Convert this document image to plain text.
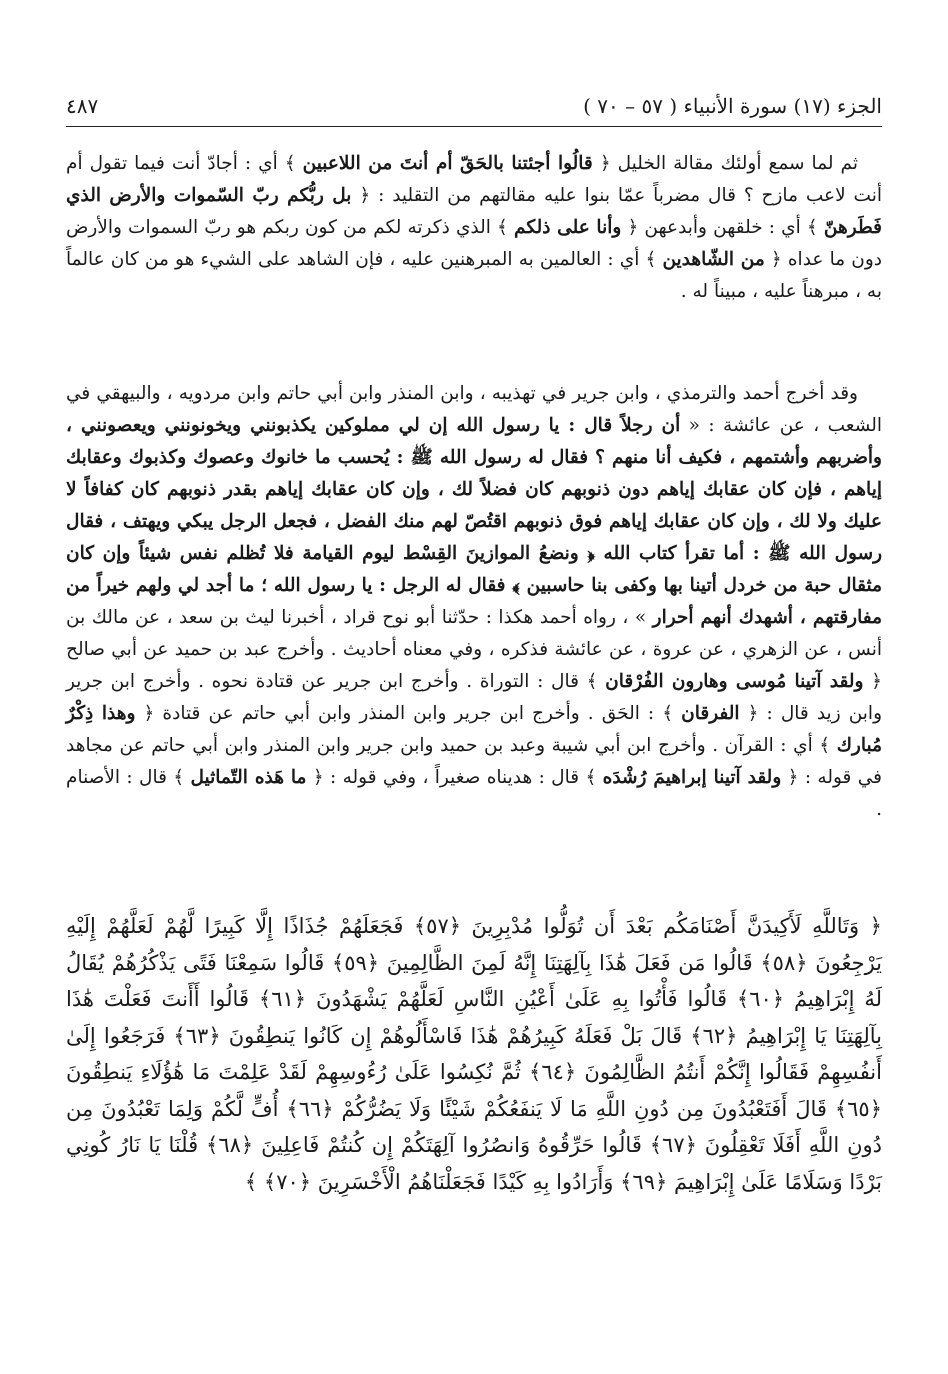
الجزء (١٧) سورة الأنبياء ( ٥٧ – ٧٠ )
٤٨٧
ثم لما سمع أولئك مقالة الخليل ﴿ قالُوا أجئتنا بالحَقّ أم أنتَ من اللاعبين ﴾ أي : أجادّ أنت فيما تقول أم أنت لاعب مازح ؟ قال مضرباً عمّا بنوا عليه مقالتهم من التقليد : ﴿ بل ربُّكم ربّ السّموات والأرض الذي فَطَرهنّ ﴾ أي : خلقهن وأبدعهن ﴿ وأنا على ذلكم ﴾ الذي ذكرته لكم من كون ربكم هو ربّ السموات والأرض دون ما عداه ﴿ من الشّاهدين ﴾ أي : العالمين به المبرهنين عليه ، فإن الشاهد على الشيء هو من كان عالماً به ، مبرهناً عليه ، مبيناً له .
وقد أخرج أحمد والترمذي ، وابن جرير في تهذيبه ، وابن المنذر وابن أبي حاتم وابن مردويه ، والبيهقي في الشعب ، عن عائشة : « أن رجلاً قال : يا رسول الله إن لي مملوكين يكذبونني ويخونونني ويعصونني ، وأضربهم وأشتمهم ، فكيف أنا منهم ؟ فقال له رسول الله ﷺ : يُحسب ما خانوك وعصوك وكذبوك وعقابك إياهم ، فإن كان عقابك إياهم دون ذنوبهم كان فضلاً لك ، وإن كان عقابك إياهم بقدر ذنوبهم كان كفافاً لا عليك ولا لك ، وإن كان عقابك إياهم فوق ذنوبهم اقتُصّ لهم منك الفضل ، فجعل الرجل يبكي ويهتف ، فقال رسول الله ﷺ : أما تقرأ كتاب الله ﴿ ونضعُ الموازينَ القِسْط ليوم القيامة فلا تُظلم نفس شيئاً وإن كان مثقال حبة من خردل أتينا بها وكفى بنا حاسبين ﴾ فقال له الرجل : يا رسول الله ؛ ما أجد لي ولهم خيراً من مفارقتهم ، أشهدك أنهم أحرار » ، رواه أحمد هكذا : حدّثنا أبو نوح قراد ، أخبرنا ليث بن سعد ، عن مالك بن أنس ، عن الزهري ، عن عروة ، عن عائشة فذكره ، وفي معناه أحاديث . وأخرج عبد بن حميد عن أبي صالح ﴿ ولقد آتينا مُوسى وهارون الفُرْقان ﴾ قال : التوراة . وأخرج ابن جرير عن قتادة نحوه . وأخرج ابن جرير وابن زيد قال : ﴿ الفرقان ﴾ : الحَق . وأخرج ابن جرير وابن المنذر وابن أبي حاتم عن قتادة ﴿ وهذا ذِكْرٌ مُبارك ﴾ أي : القرآن . وأخرج ابن أبي شيبة وعبد بن حميد وابن جرير وابن المنذر وابن أبي حاتم عن مجاهد في قوله : ﴿ ولقد آتينا إبراهيمَ رُشْدَه ﴾ قال : هديناه صغيراً ، وفي قوله : ﴿ ما هَذه التّماثيل ﴾ قال : الأصنام .
﴿ وَتَاللَّهِ لَأَكِيدَنَّ أَصْنَامَكُم بَعْدَ أَن تُوَلُّوا مُدْبِرِينَ ﴿٥٧﴾ فَجَعَلَهُمْ جُذَاذًا إِلَّا كَبِيرًا لَّهُمْ لَعَلَّهُمْ إِلَيْهِ يَرْجِعُونَ ﴿٥٨﴾ قَالُوا مَن فَعَلَ هَٰذَا بِآلِهَتِنَا إِنَّهُ لَمِنَ الظَّالِمِينَ ﴿٥٩﴾ قَالُوا سَمِعْنَا فَتًى يَذْكُرُهُمْ يُقَالُ لَهُ إِبْرَاهِيمُ ﴿٦٠﴾ قَالُوا فَأْتُوا بِهِ عَلَىٰ أَعْيُنِ النَّاسِ لَعَلَّهُمْ يَشْهَدُونَ ﴿٦١﴾ قَالُوا أَأَنتَ فَعَلْتَ هَٰذَا بِآلِهَتِنَا يَا إِبْرَاهِيمُ ﴿٦٢﴾ قَالَ بَلْ فَعَلَهُ كَبِيرُهُمْ هَٰذَا فَاسْأَلُوهُمْ إِن كَانُوا يَنطِقُونَ ﴿٦٣﴾ فَرَجَعُوا إِلَىٰ أَنفُسِهِمْ فَقَالُوا إِنَّكُمْ أَنتُمُ الظَّالِمُونَ ﴿٦٤﴾ ثُمَّ نُكِسُوا عَلَىٰ رُءُوسِهِمْ لَقَدْ عَلِمْتَ مَا هَٰؤُلَاءِ يَنطِقُونَ ﴿٦٥﴾ قَالَ أَفَتَعْبُدُونَ مِن دُونِ اللَّهِ مَا لَا يَنفَعُكُمْ شَيْئًا وَلَا يَضُرُّكُمْ ﴿٦٦﴾ أُفٍّ لَّكُمْ وَلِمَا تَعْبُدُونَ مِن دُونِ اللَّهِ أَفَلَا تَعْقِلُونَ ﴿٦٧﴾ قَالُوا حَرِّقُوهُ وَانصُرُوا آلِهَتَكُمْ إِن كُنتُمْ فَاعِلِينَ ﴿٦٨﴾ قُلْنَا يَا نَارُ كُونِي بَرْدًا وَسَلَامًا عَلَىٰ إِبْرَاهِيمَ ﴿٦٩﴾ وَأَرَادُوا بِهِ كَيْدًا فَجَعَلْنَاهُمُ الْأَخْسَرِينَ ﴿٧٠﴾ ﴾
